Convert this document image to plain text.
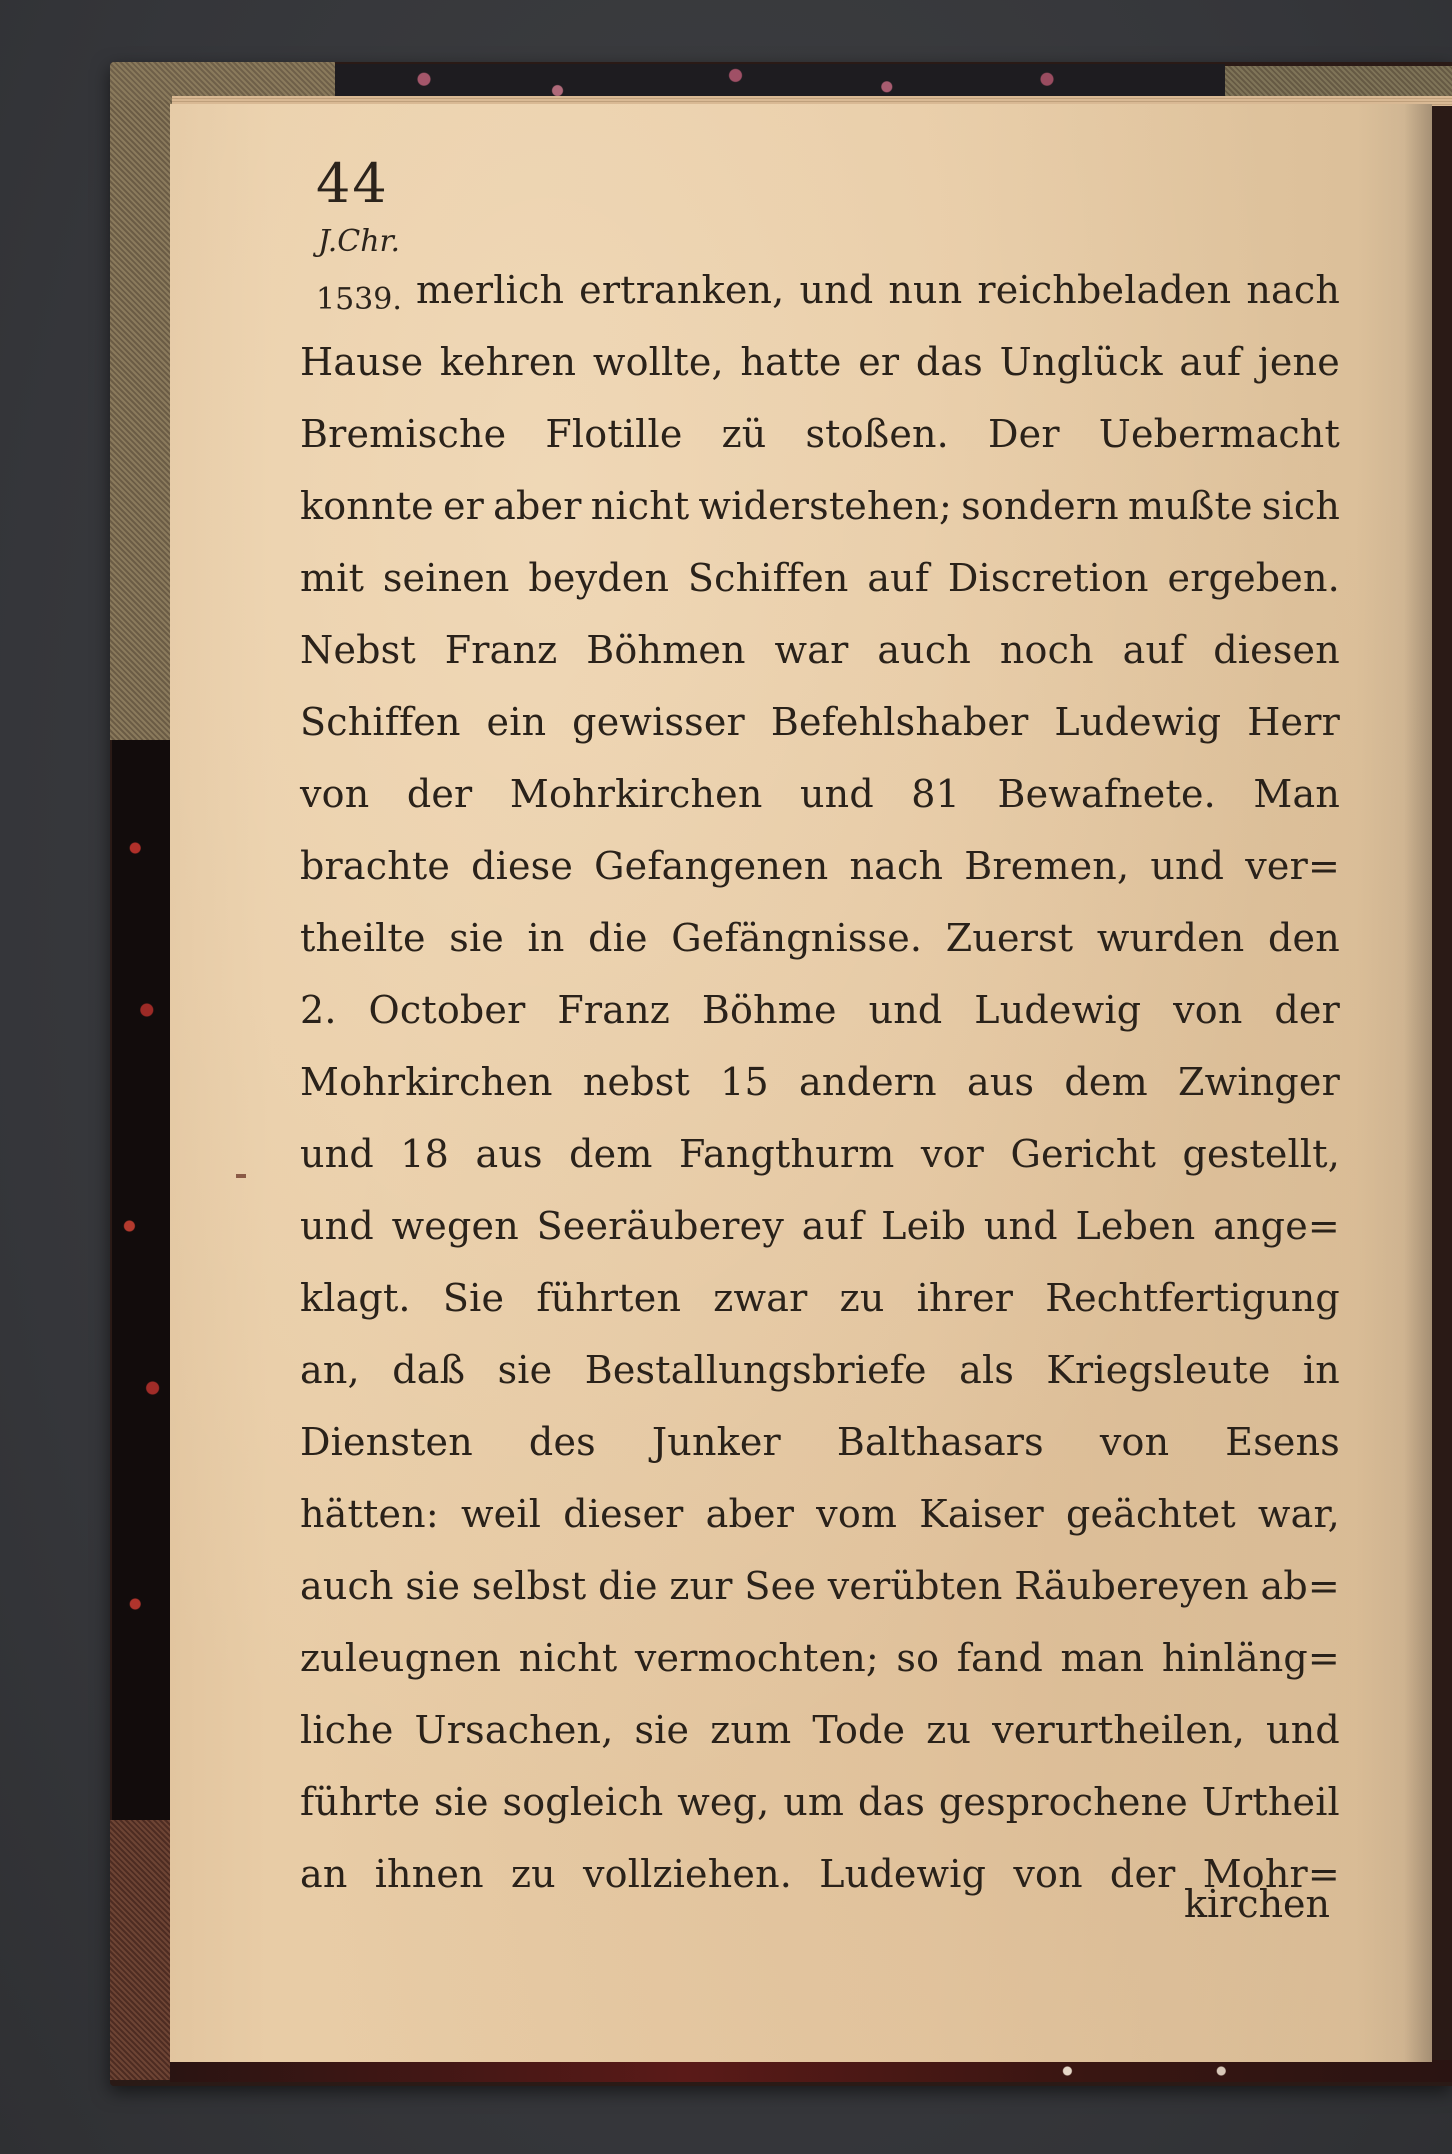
44
J.Chr.
1539. merlich ertranken, und nun reichbeladen nach
Hause kehren wollte, hatte er das Unglück auf jene
Bremische Flotille zü stoßen. Der Uebermacht
konnte er aber nicht widerstehen; sondern mußte sich
mit seinen beyden Schiffen auf Discretion ergeben.
Nebst Franz Böhmen war auch noch auf diesen
Schiffen ein gewisser Befehlshaber Ludewig Herr
von der Mohrkirchen und 81 Bewafnete. Man
brachte diese Gefangenen nach Bremen, und ver=
theilte sie in die Gefängnisse. Zuerst wurden den
2. October Franz Böhme und Ludewig von der
Mohrkirchen nebst 15 andern aus dem Zwinger
und 18 aus dem Fangthurm vor Gericht gestellt,
und wegen Seeräuberey auf Leib und Leben ange=
klagt. Sie führten zwar zu ihrer Rechtfertigung
an, daß sie Bestallungsbriefe als Kriegsleute in
Diensten des Junker Balthasars von Esens
hätten: weil dieser aber vom Kaiser geächtet war,
auch sie selbst die zur See verübten Räubereyen ab=
zuleugnen nicht vermochten; so fand man hinläng=
liche Ursachen, sie zum Tode zu verurtheilen, und
führte sie sogleich weg, um das gesprochene Urtheil
an ihnen zu vollziehen. Ludewig von der Mohr=
kirchen
